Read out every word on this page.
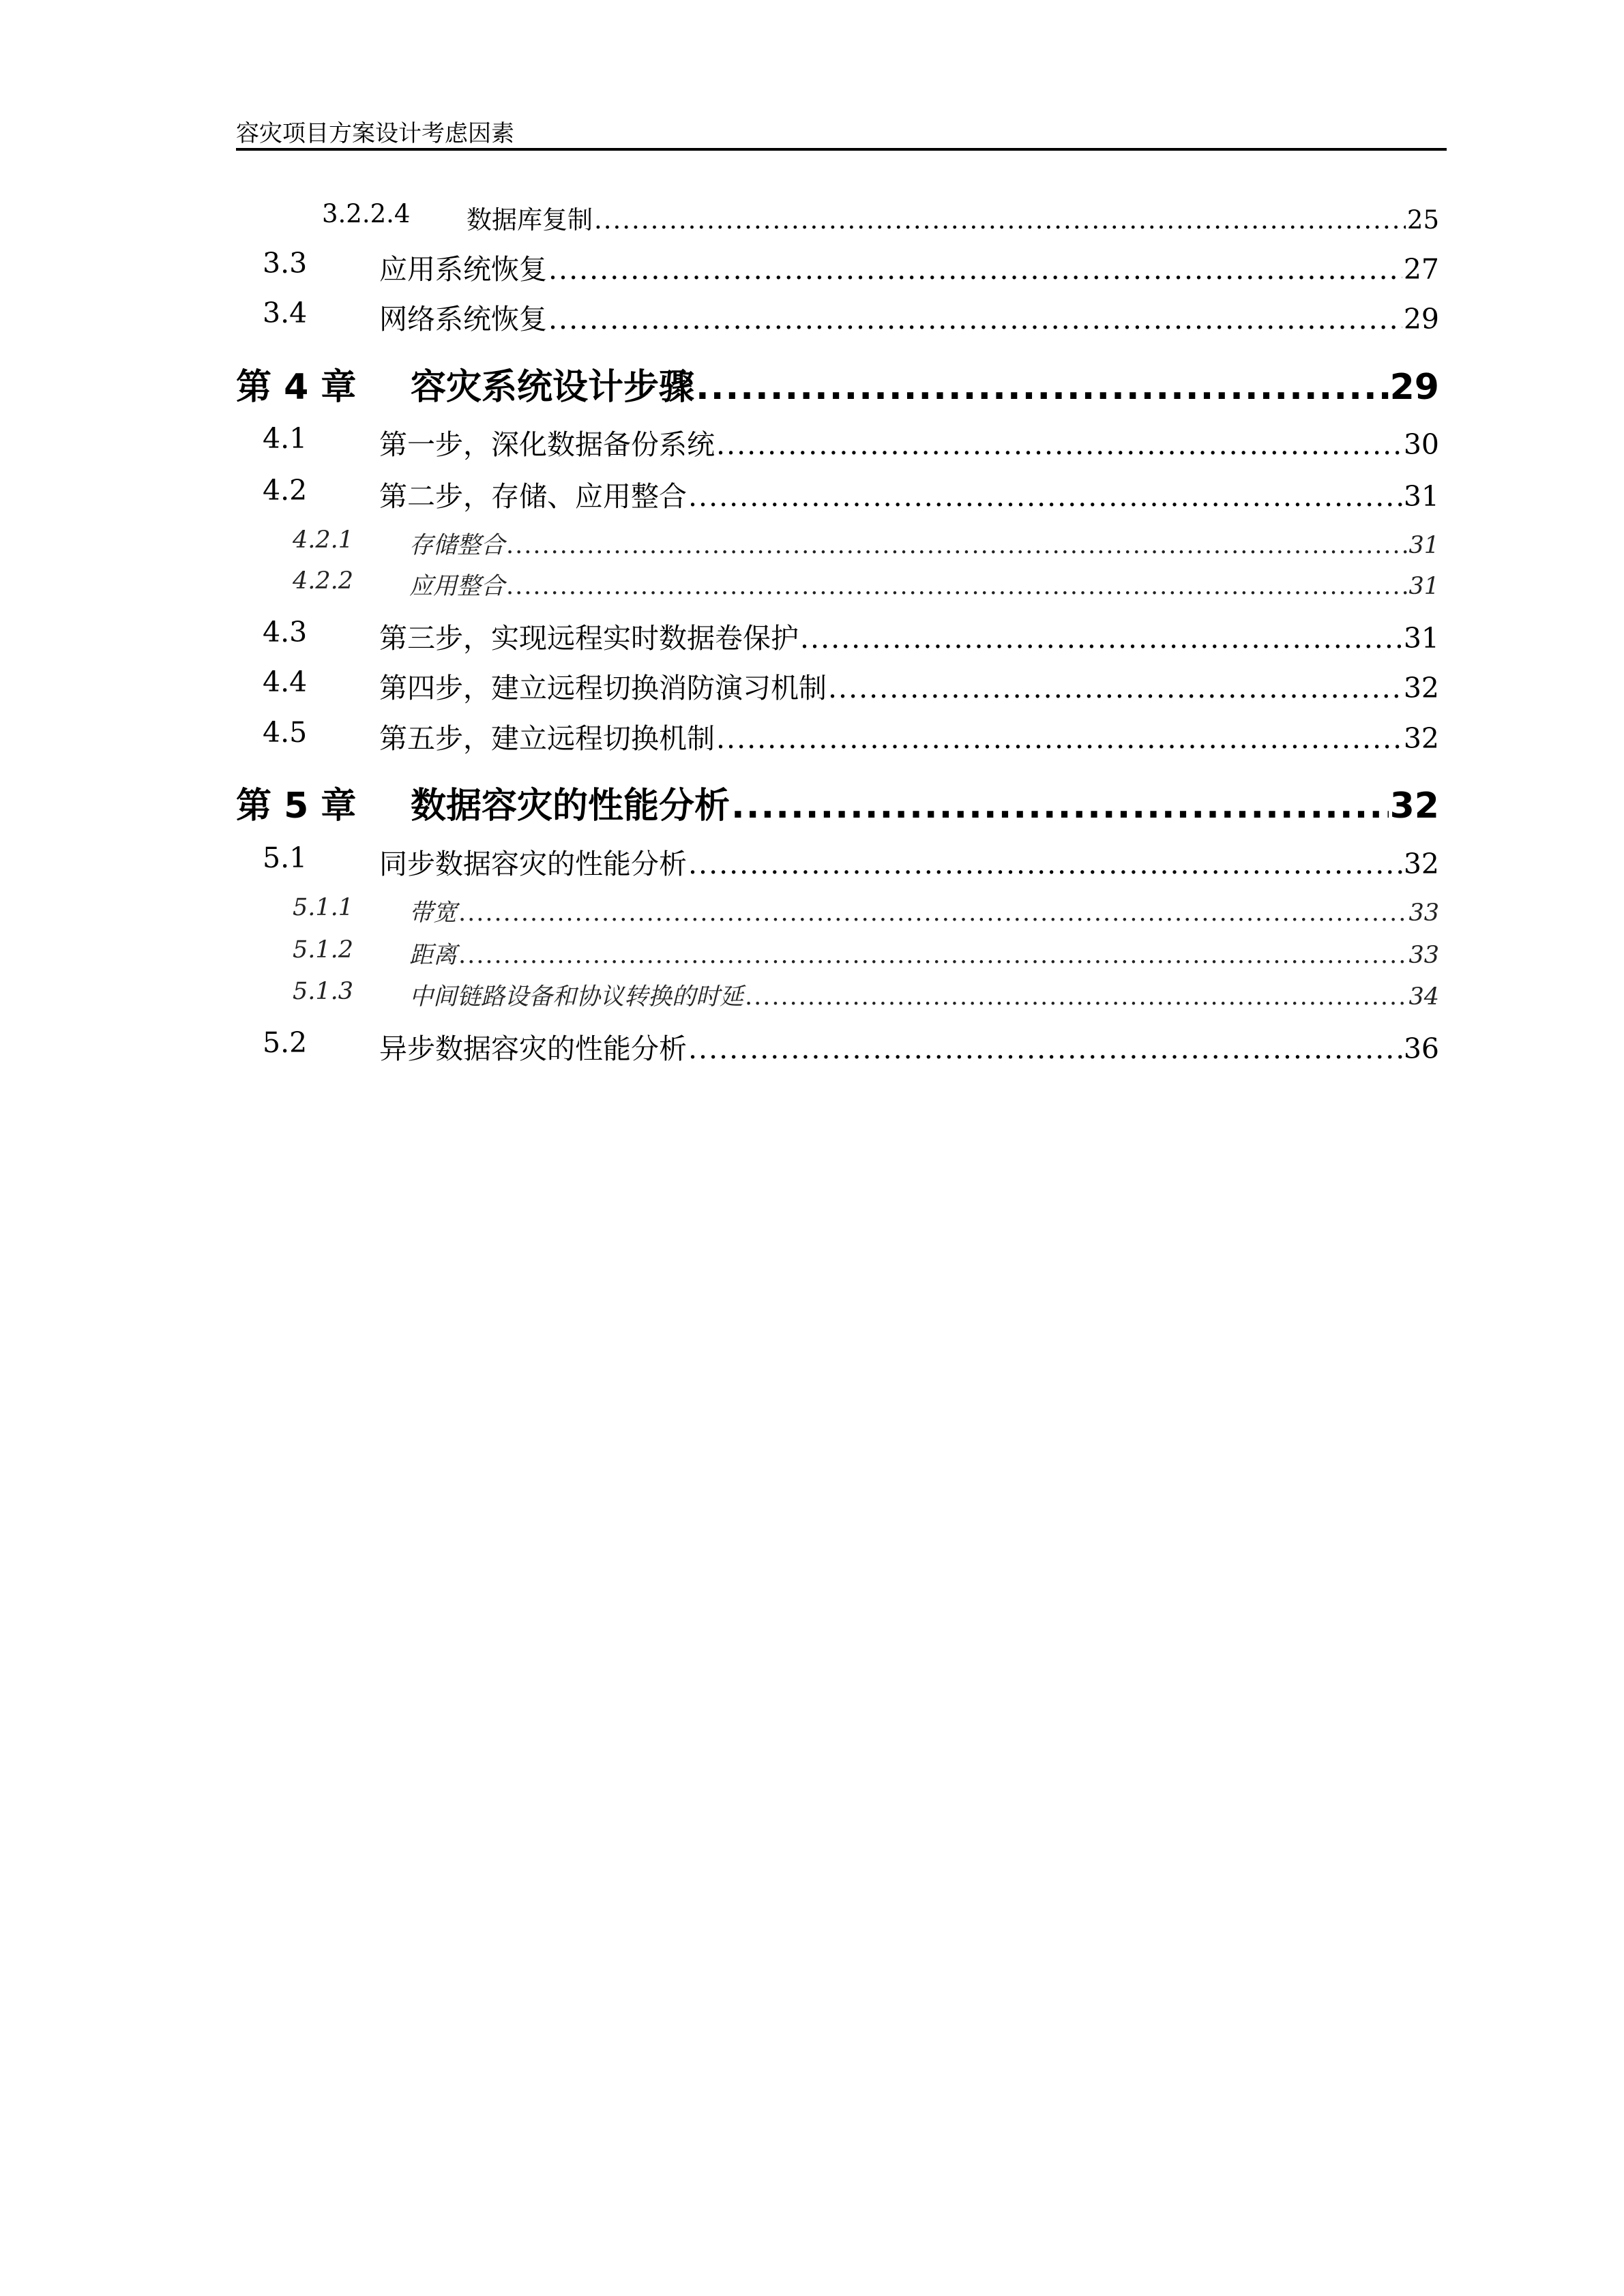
容灾项目方案设计考虑因素
3.2.2.4 数据库复制 .....	25
3.3	应用系统恢复 .....	27
3.4	网络系统恢复 .....	29
第 4 章 容灾系统设计步骤 .....	29
4.1	第一步，深化数据备份系统 .....	30
4.2	第二步，存储、应用整合 .....	31
4.2.1 存储整合 .....	31
4.2.2 应用整合 .....	31
4.3	第三步，实现远程实时数据卷保护 .....	31
4.4	第四步，建立远程切换消防演习机制 .....	32
4.5	第五步，建立远程切换机制 .....	32
第 5 章 数据容灾的性能分析 .....	32
5.1	同步数据容灾的性能分析 .....	32
5.1.1 带宽 .....	33
5.1.2 距离 .....	33
5.1.3 中间链路设备和协议转换的时延 .....	34
5.2	异步数据容灾的性能分析 .....	36
